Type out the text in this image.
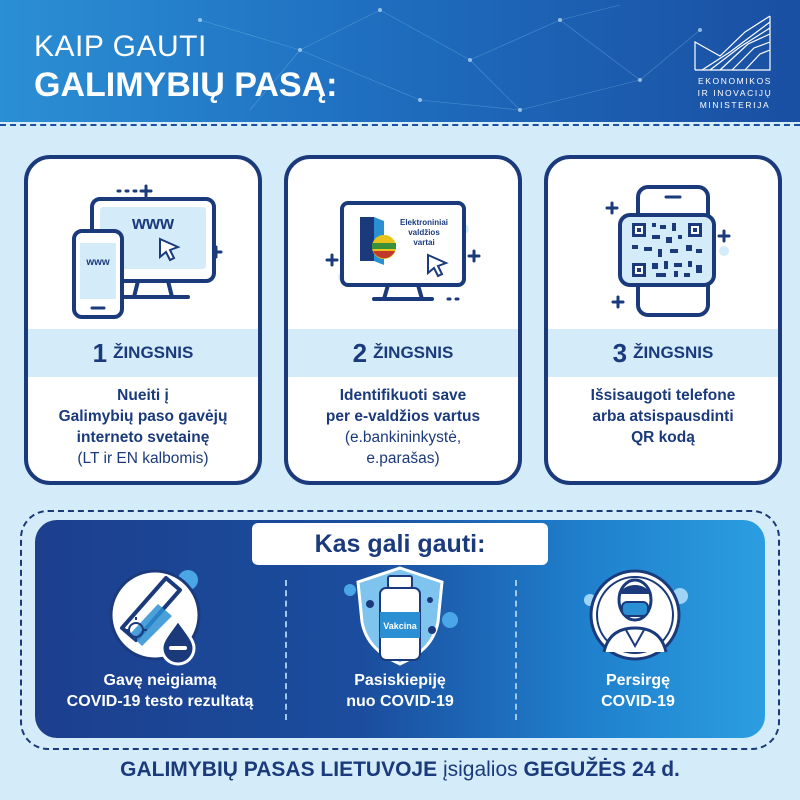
KAIP GAUTI
GALIMYBIŲ PASĄ:	EKONOMIKOS
IR INOVACIJŲ
MINISTERIJA
www
www
1 ŽINGSNIS
Nueiti į
Galimybių paso gavėjų
interneto svetainę
(LT ir EN kalbomis)
Elektroniniai
valdžios
vartai
2 ŽINGSNIS
Identifikuoti save
per e-valdžios vartus
(e.bankininkystė,
e.parašas)
3 ŽINGSNIS
Išsisaugoti telefone
arba atsispausdinti
QR kodą
Kas gali gauti:
Gavę neigiamą
COVID-19 testo rezultatą
Vakcina
Pasiskiepiję
nuo COVID-19
Persirgę
COVID-19
GALIMYBIŲ PASAS LIETUVOJE įsigalios GEGUŽĖS 24 d.
